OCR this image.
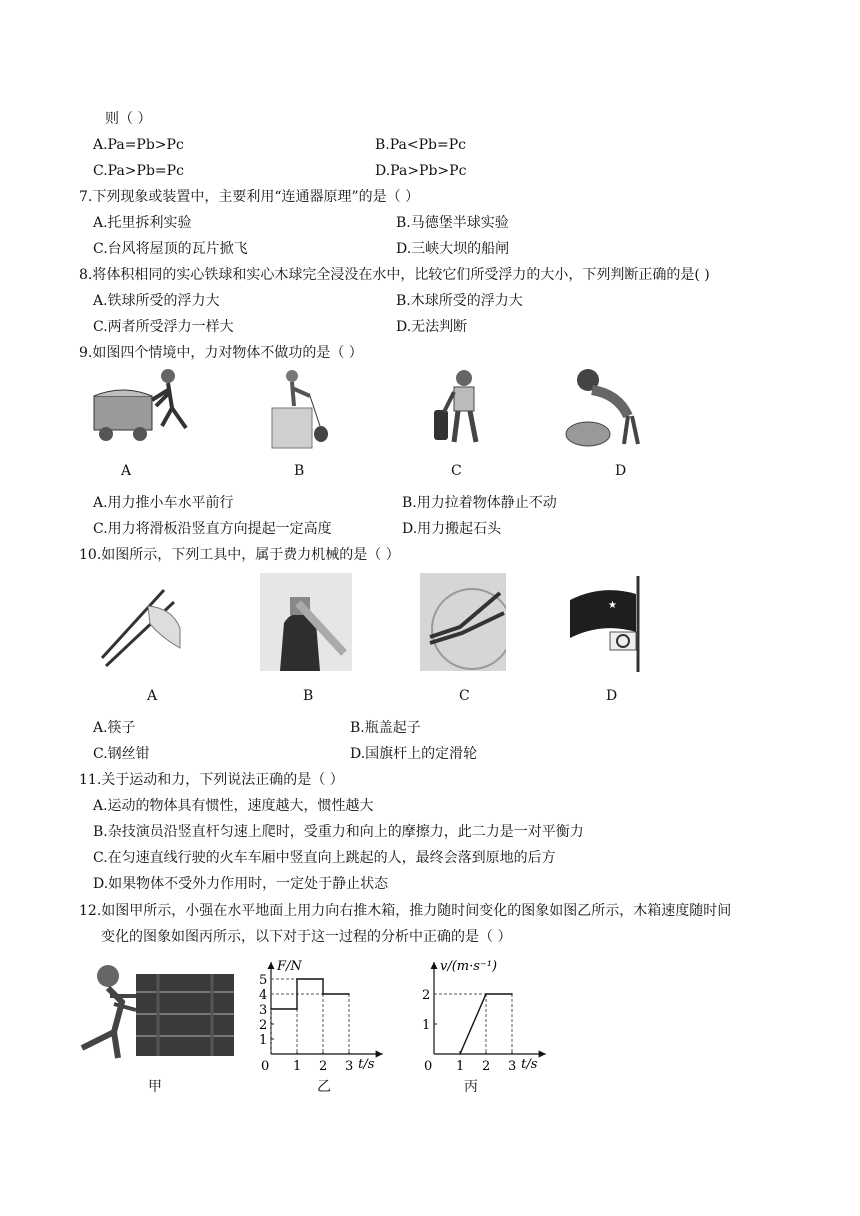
则（ ）
A.Pa=Pb>Pc	B.Pa<Pb=Pc
C.Pa>Pb=Pc	D.Pa>Pb>Pc
7.下列现象或装置中，主要利用“连通器原理”的是（ ）
A.托里拆利实验	B.马德堡半球实验
C.台风将屋顶的瓦片掀飞	D.三峡大坝的船闸
8.将体积相同的实心铁球和实心木球完全浸没在水中，比较它们所受浮力的大小，下列判断正确的是( )
A.铁球所受的浮力大	B.木球所受的浮力大
C.两者所受浮力一样大	D.无法判断
9.如图四个情境中，力对物体不做功的是（ ）
A	B	C	D
A.用力推小车水平前行	B.用力拉着物体静止不动
C.用力将滑板沿竖直方向提起一定高度	D.用力搬起石头
10.如图所示，下列工具中，属于费力机械的是（ ）
★
A	B	C	D
A.筷子	B.瓶盖起子
C.钢丝钳	D.国旗杆上的定滑轮
11.关于运动和力，下列说法正确的是（ ）
A.运动的物体具有惯性，速度越大，惯性越大
B.杂技演员沿竖直杆匀速上爬时，受重力和向上的摩擦力，此二力是一对平衡力
C.在匀速直线行驶的火车车厢中竖直向上跳起的人，最终会落到原地的后方
D.如果物体不受外力作用时，一定处于静止状态
12.如图甲所示，小强在水平地面上用力向右推木箱，推力随时间变化的图象如图乙所示，木箱速度随时间
变化的图象如图丙所示，以下对于这一过程的分析中正确的是（ ）
甲
F/N
t/s
0 1 2 3
1
2
3
4
5
乙
v/(m·s⁻¹)
t/s
0 1 2 3
1
2
丙
